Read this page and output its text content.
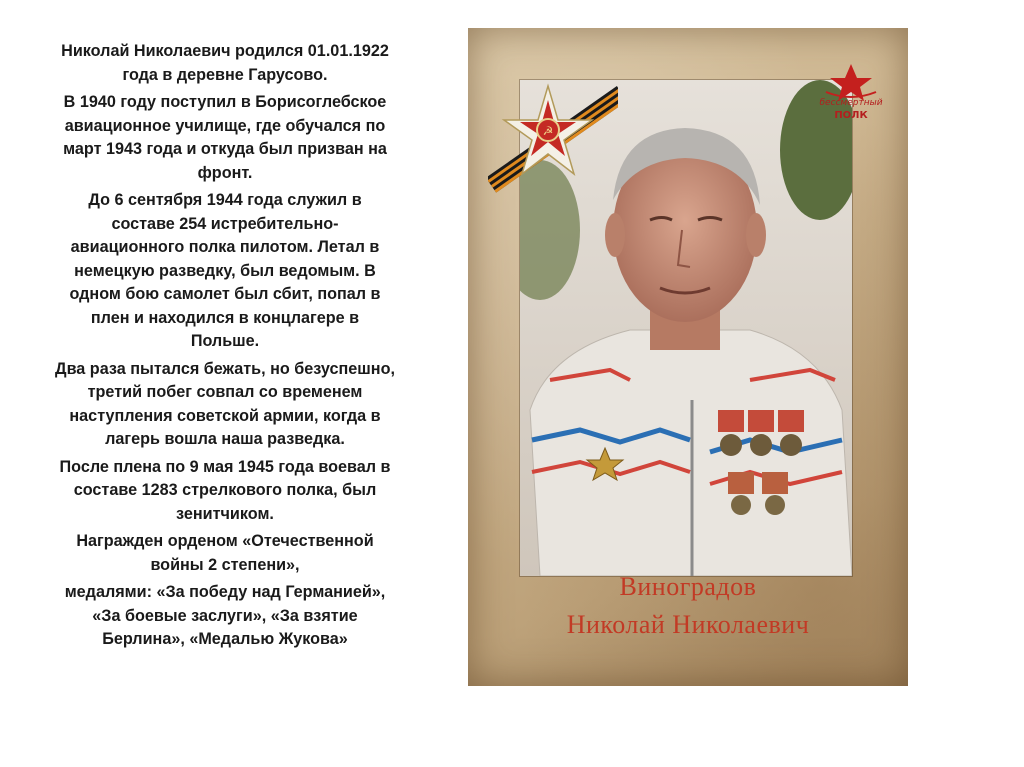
Николай Николаевич родился 01.01.1922 года в деревне Гарусово.

В 1940 году поступил в Борисоглебское авиационное училище, где обучался по март 1943 года и откуда был призван на фронт.

До 6 сентября 1944 года служил в составе 254 истребительно-авиационного полка пилотом. Летал в немецкую разведку, был ведомым. В одном бою самолет был сбит, попал в плен и находился в концлагере в Польше.

Два раза пытался бежать, но безуспешно, третий побег совпал со временем наступления советской армии, когда в лагерь вошла наша разведка.

После плена по 9 мая 1945 года воевал в составе 1283 стрелкового полка, был зенитчиком.

Награжден орденом «Отечественной войны 2 степени»,

медалями: «За победу над Германией», «За боевые заслуги», «За взятие Берлина», «Медалью Жукова»

☭
бессмертный
ПОЛК
Виноградов
Николай Николаевич
